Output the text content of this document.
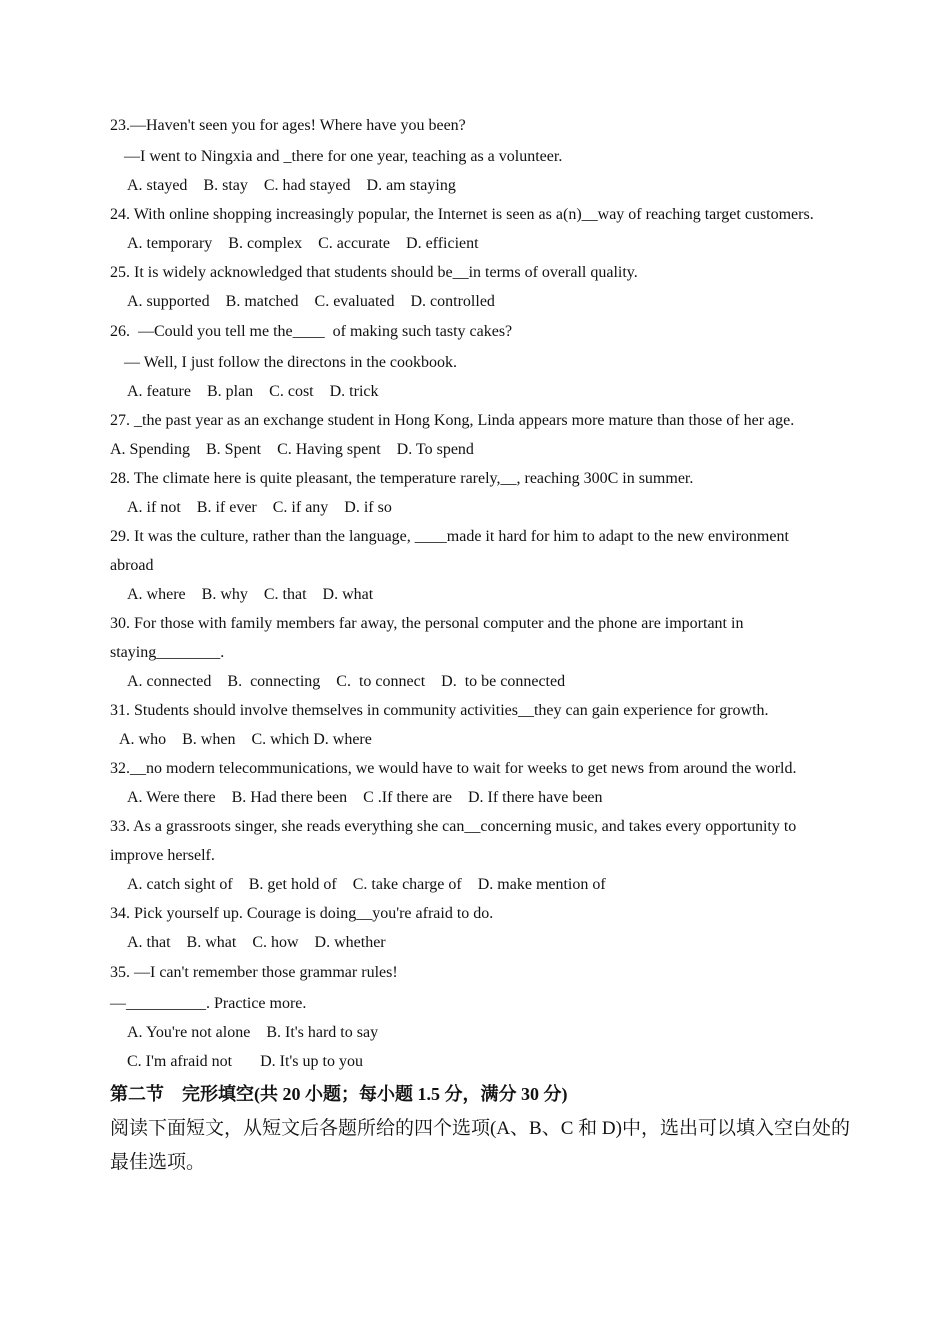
23.—Haven't seen you for ages! Where have you been?
—I went to Ningxia and _there for one year, teaching as a volunteer.
A. stayed    B. stay    C. had stayed    D. am staying
24. With online shopping increasingly popular, the Internet is seen as a(n)__way of reaching target customers.
A. temporary    B. complex    C. accurate    D. efficient
25. It is widely acknowledged that students should be__in terms of overall quality.
A. supported    B. matched    C. evaluated    D. controlled
26.  —Could you tell me the____  of making such tasty cakes?
— Well, I just follow the directons in the cookbook.
A. feature    B. plan    C. cost    D. trick
27. _the past year as an exchange student in Hong Kong, Linda appears more mature than those of her age.
A. Spending    B. Spent    C. Having spent    D. To spend
28. The climate here is quite pleasant, the temperature rarely,__, reaching 300C in summer.
A. if not    B. if ever    C. if any    D. if so
29. It was the culture, rather than the language, ____made it hard for him to adapt to the new environment
abroad
A. where    B. why    C. that    D. what
30. For those with family members far away, the personal computer and the phone are important in
staying________.
A. connected    B.  connecting    C.  to connect    D.  to be connected
31. Students should involve themselves in community activities__they can gain experience for growth.
A. who    B. when    C. which D. where
32.__no modern telecommunications, we would have to wait for weeks to get news from around the world.
A. Were there    B. Had there been    C .If there are    D. If there have been
33. As a grassroots singer, she reads everything she can__concerning music, and takes every opportunity to
improve herself.
A. catch sight of    B. get hold of    C. take charge of    D. make mention of
34. Pick yourself up. Courage is doing__you're afraid to do.
A. that    B. what    C. how    D. whether
35. —I can't remember those grammar rules!
—__________. Practice more.
A. You're not alone    B. It's hard to say
C. I'm afraid not       D. It's up to you
第二节    完形填空(共 20 小题；每小题 1.5 分，满分 30 分)
阅读下面短文，从短文后各题所给的四个选项(A、B、C 和 D)中，选出可以填入空白处的最佳选项。
